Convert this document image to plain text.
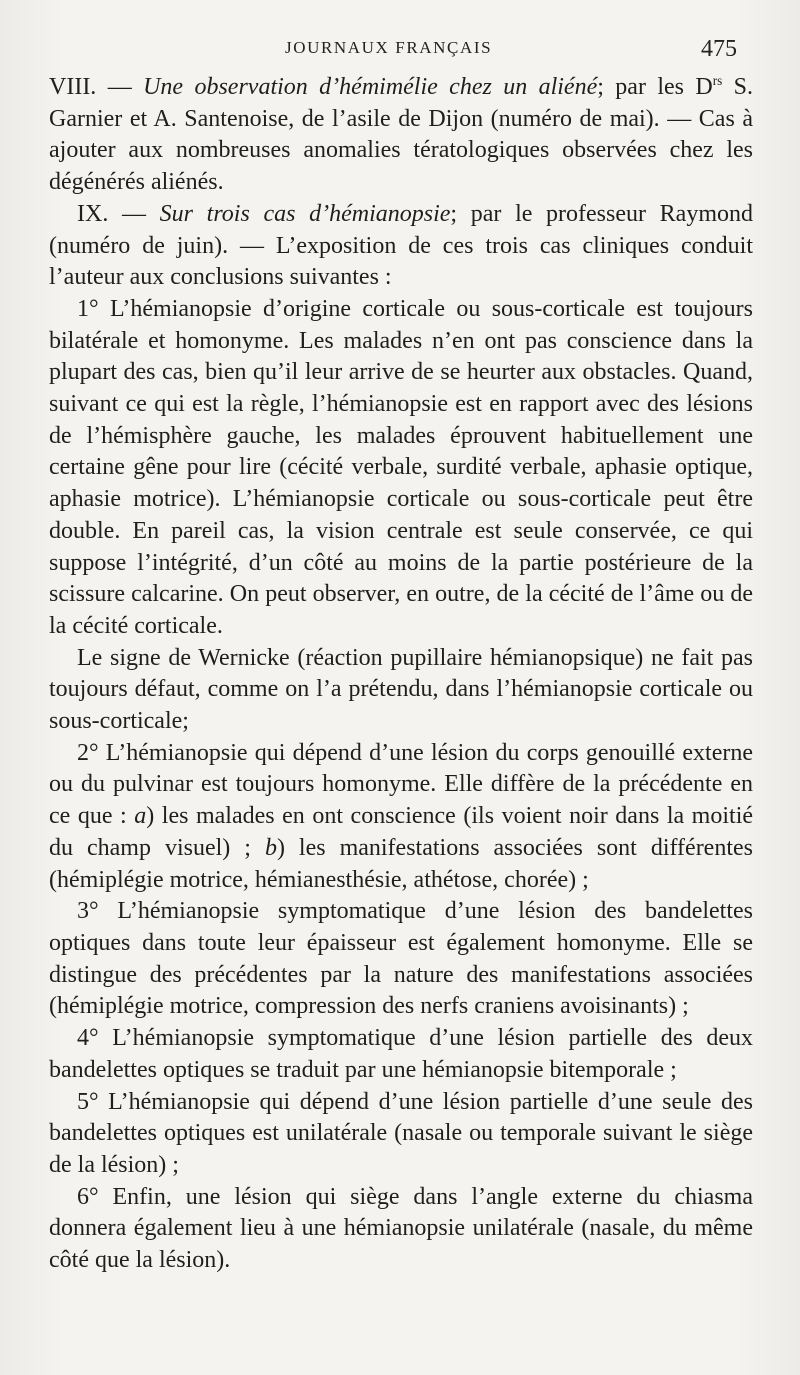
JOURNAUX FRANÇAIS	475

VIII. — Une observation d’hémimélie chez un aliéné; par les $D^{rs}$ S. Garnier et A. Santenoise, de l’asile de Dijon (numéro de mai). — Cas à ajouter aux nombreuses anomalies tératologiques observées chez les dégénérés aliénés.

IX. — Sur trois cas d’hémianopsie; par le professeur Raymond (numéro de juin). — L’exposition de ces trois cas cliniques conduit l’auteur aux conclusions suivantes :

1° L’hémianopsie d’origine corticale ou sous-corticale est toujours bilatérale et homonyme. Les malades n’en ont pas conscience dans la plupart des cas, bien qu’il leur arrive de se heurter aux obstacles. Quand, suivant ce qui est la règle, l’hémianopsie est en rapport avec des lésions de l’hémisphère gauche, les malades éprouvent habituellement une certaine gêne pour lire (cécité verbale, surdité verbale, aphasie optique, aphasie motrice). L’hémianopsie corticale ou sous-corticale peut être double. En pareil cas, la vision centrale est seule conservée, ce qui suppose l’intégrité, d’un côté au moins de la partie postérieure de la scissure calcarine. On peut observer, en outre, de la cécité de l’âme ou de la cécité corticale.

Le signe de Wernicke (réaction pupillaire hémianopsique) ne fait pas toujours défaut, comme on l’a prétendu, dans l’hémianopsie corticale ou sous-corticale;

2° L’hémianopsie qui dépend d’une lésion du corps genouillé externe ou du pulvinar est toujours homonyme. Elle diffère de la précédente en ce que : a) les malades en ont conscience (ils voient noir dans la moitié du champ visuel) ; b) les manifestations associées sont différentes (hémiplégie motrice, hémianesthésie, athétose, chorée) ;

3° L’hémianopsie symptomatique d’une lésion des bandelettes optiques dans toute leur épaisseur est également homonyme. Elle se distingue des précédentes par la nature des manifestations associées (hémiplégie motrice, compression des nerfs craniens avoisinants) ;

4° L’hémianopsie symptomatique d’une lésion partielle des deux bandelettes optiques se traduit par une hémianopsie bitemporale ;

5° L’hémianopsie qui dépend d’une lésion partielle d’une seule des bandelettes optiques est unilatérale (nasale ou temporale suivant le siège de la lésion) ;

6° Enfin, une lésion qui siège dans l’angle externe du chiasma donnera également lieu à une hémianopsie unilatérale (nasale, du même côté que la lésion).
